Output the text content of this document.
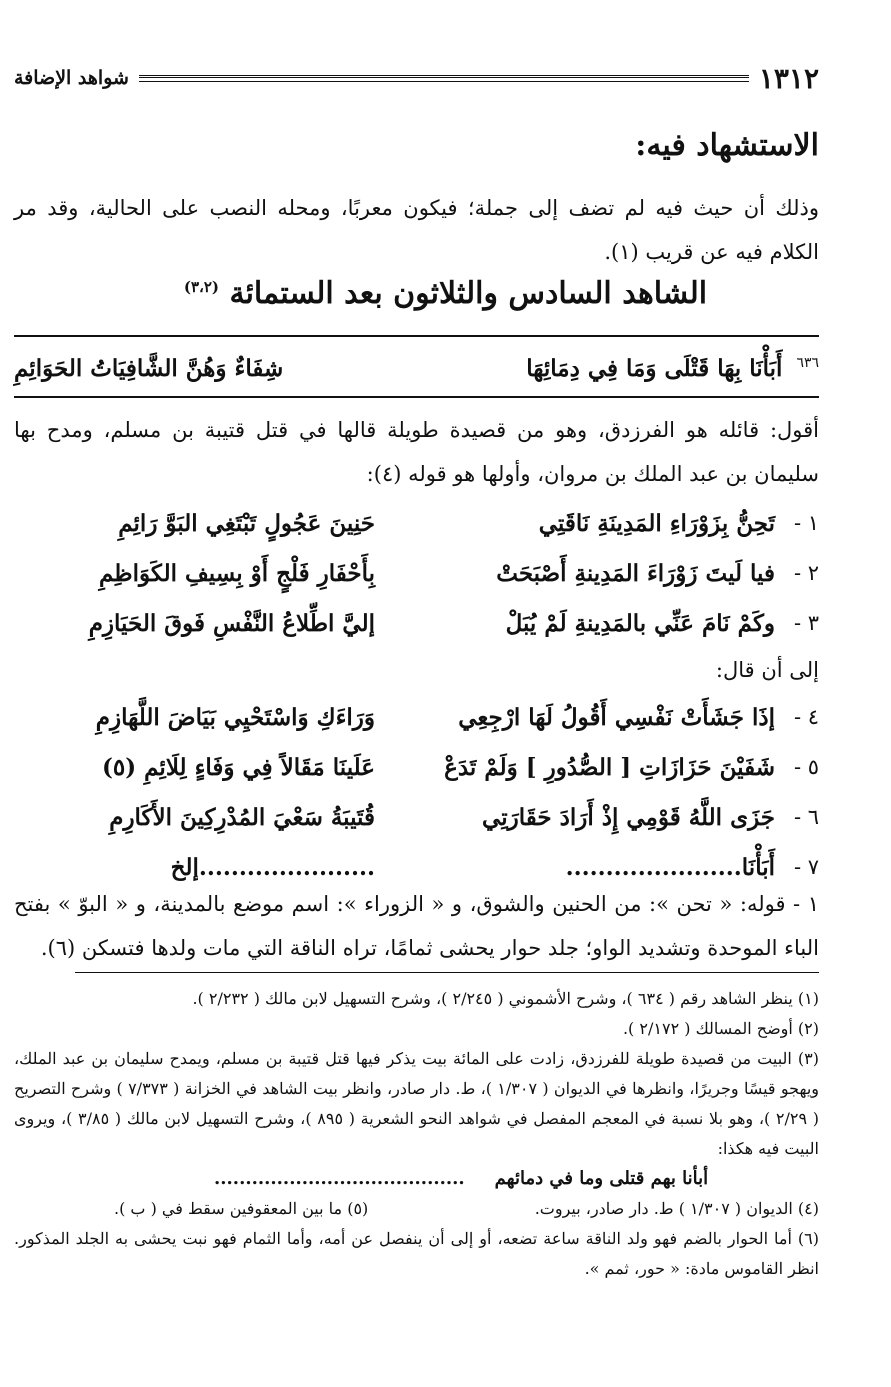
١٣١٢
شواهد الإضافة
الاستشهاد فيه:
وذلك أن حيث فيه لم تضف إلى جملة؛ فيكون معربًا، ومحله النصب على الحالية، وقد مر الكلام فيه عن قريب (١).
الشاهد السادس والثلاثون بعد الستمائة $^{(٣،٢)}$
$^{٦٣٦}$ أَبَأْنَا بِهَا قَتْلَى وَمَا فِي دِمَائِهَا
شِفَاءٌ وَهُنَّ الشَّافِيَاتُ الحَوَائِمِ
أقول: قائله هو الفرزدق، وهو من قصيدة طويلة قالها في قتل قتيبة بن مسلم، ومدح بها سليمان بن عبد الملك بن مروان، وأولها هو قوله (٤):
١ -
تَحِنُّ بِزَوْرَاءِ المَدِينَةِ نَاقَتِي
حَنِينَ عَجُولٍ تَبْتَغِي البَوَّ رَائِمِ
٢ -
فيا لَيتَ زَوْرَاءَ المَدِينةِ أَصْبَحَتْ
بِأَحْفَارِ فَلْجٍ أَوْ بِسِيفِ الكَوَاظِمِ
٣ -
وكَمْ نَامَ عَنِّي بالمَدِينةِ لَمْ يُبَلْ
إليَّ اطِّلاعُ النَّفْسِ فَوقَ الحَيَازِمِ
إلى أن قال:
٤ -
إذَا جَشَأَتْ نَفْسِي أَقُولُ لَهَا ارْجِعِي
وَرَاءَكِ وَاسْتَحْيِي بَيَاضَ اللَّهَازِمِ
٥ -
شَفَيْنَ حَزَازَاتِ [ الصُّدُورِ ] وَلَمْ تَدَعْ
عَلَينَا مَقَالاً فِي وَفَاءٍ لِلَائِمِ (٥)
٦ -
جَزَى اللَّهُ قَوْمِي إِذْ أَرَادَ حَقَارَتِي
قُتَيبَةُ سَعْيَ المُدْرِكِينَ الأَكَارِمِ
٧ -
أَبَأْنَا......................
......................إلخ
١ - قوله: « تحن »: من الحنين والشوق، و « الزوراء »: اسم موضع بالمدينة، و « البوّ » بفتح الباء الموحدة وتشديد الواو؛ جلد حوار يحشى ثمامًا، تراه الناقة التي مات ولدها فتسكن (٦).
(١) ينظر الشاهد رقم ( ٦٣٤ )، وشرح الأشموني ( ٢/٢٤٥ )، وشرح التسهيل لابن مالك ( ٢/٢٣٢ ).
(٢) أوضح المسالك ( ٢/١٧٢ ).
(٣) البيت من قصيدة طويلة للفرزدق، زادت على المائة بيت يذكر فيها قتل قتيبة بن مسلم، ويمدح سليمان بن عبد الملك، ويهجو قيسًا وجريرًا، وانظرها في الديوان ( ١/٣٠٧ )، ط. دار صادر، وانظر بيت الشاهد في الخزانة ( ٧/٣٧٣ ) وشرح التصريح ( ٢/٢٩ )، وهو بلا نسبة في المعجم المفصل في شواهد النحو الشعرية ( ٨٩٥ )، وشرح التسهيل لابن مالك ( ٣/٨٥ )، ويروى البيت فيه هكذا:
أبأنا بهم قتلى وما في دمائهم
........................................
(٤) الديوان ( ١/٣٠٧ ) ط. دار صادر، بيروت.
(٥) ما بين المعقوفين سقط في ( ب ).
(٦) أما الحوار بالضم فهو ولد الناقة ساعة تضعه، أو إلى أن ينفصل عن أمه، وأما الثمام فهو نبت يحشى به الجلد المذكور. انظر القاموس مادة: « حور، ثمم ».
